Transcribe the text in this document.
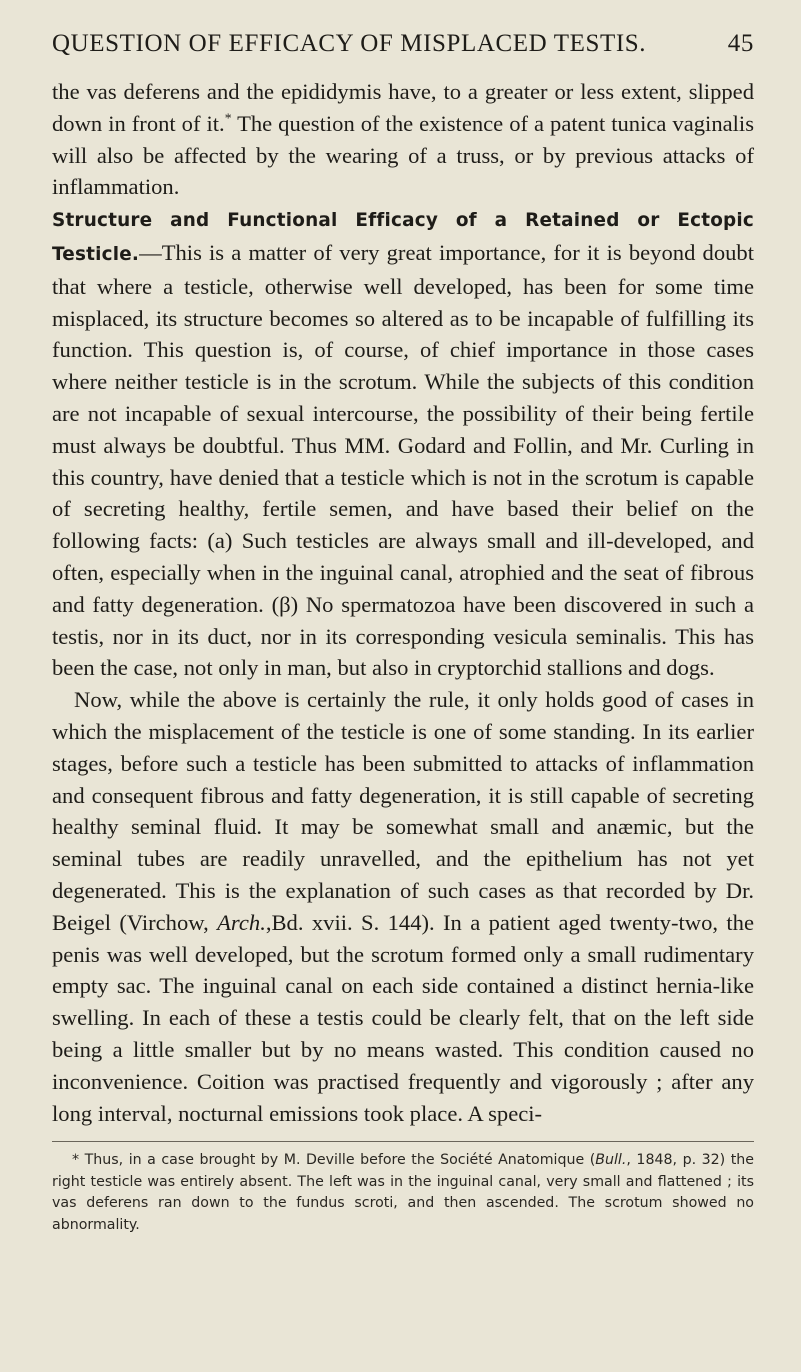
QUESTION OF EFFICACY OF MISPLACED TESTIS.	45

the vas deferens and the epididymis have, to a greater or less extent, slipped down in front of it.* The question of the existence of a patent tunica vaginalis will also be affected by the wearing of a truss, or by previous attacks of inflammation.

Structure and Functional Efficacy of a Retained or Ectopic Testicle.—This is a matter of very great importance, for it is beyond doubt that where a testicle, otherwise well developed, has been for some time misplaced, its structure becomes so altered as to be incapable of fulfilling its function. This question is, of course, of chief importance in those cases where neither testicle is in the scrotum. While the subjects of this condition are not incapable of sexual intercourse, the possibility of their being fertile must always be doubtful. Thus MM. Godard and Follin, and Mr. Curling in this country, have denied that a testicle which is not in the scrotum is capable of secreting healthy, fertile semen, and have based their belief on the following facts: (a) Such testicles are always small and ill-developed, and often, especially when in the inguinal canal, atrophied and the seat of fibrous and fatty degeneration. (β) No spermatozoa have been discovered in such a testis, nor in its duct, nor in its corresponding vesicula seminalis. This has been the case, not only in man, but also in cryptorchid stallions and dogs.

Now, while the above is certainly the rule, it only holds good of cases in which the misplacement of the testicle is one of some standing. In its earlier stages, before such a testicle has been submitted to attacks of inflammation and consequent fibrous and fatty degeneration, it is still capable of secreting healthy seminal fluid. It may be somewhat small and anæmic, but the seminal tubes are readily unravelled, and the epithelium has not yet degenerated. This is the explanation of such cases as that recorded by Dr. Beigel (Virchow, Arch.,Bd. xvii. S. 144). In a patient aged twenty-two, the penis was well developed, but the scrotum formed only a small rudimentary empty sac. The inguinal canal on each side contained a distinct hernia-like swelling. In each of these a testis could be clearly felt, that on the left side being a little smaller but by no means wasted. This condition caused no inconvenience. Coition was practised frequently and vigorously ; after any long interval, nocturnal emissions took place. A speci-

* Thus, in a case brought by M. Deville before the Société Anatomique (Bull., 1848, p. 32) the right testicle was entirely absent. The left was in the inguinal canal, very small and flattened ; its vas deferens ran down to the fundus scroti, and then ascended. The scrotum showed no abnormality.
